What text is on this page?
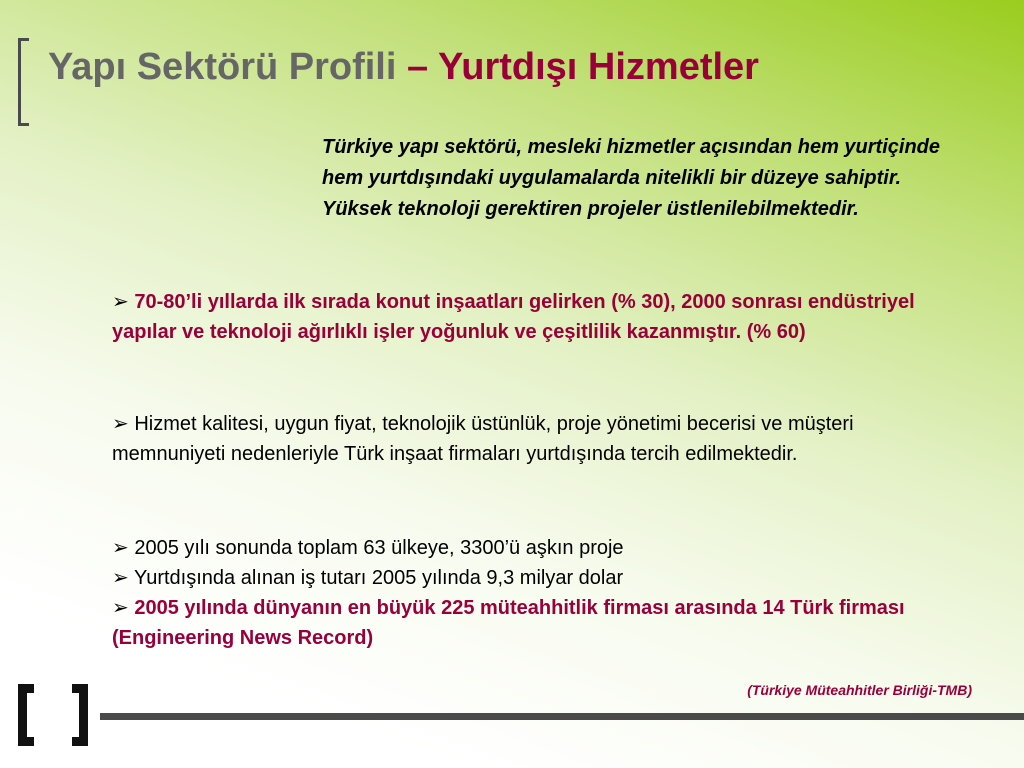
Yapı Sektörü Profili – Yurtdışı Hizmetler

Türkiye yapı sektörü, mesleki hizmetler açısından hem yurtiçinde hem yurtdışındaki uygulamalarda nitelikli bir düzeye sahiptir. Yüksek teknoloji gerektiren projeler üstlenilebilmektedir.

➢ 70-80’li yıllarda ilk sırada konut inşaatları gelirken (% 30), 2000 sonrası endüstriyel yapılar ve teknoloji ağırlıklı işler yoğunluk ve çeşitlilik kazanmıştır. (% 60)

➢ Hizmet kalitesi, uygun fiyat, teknolojik üstünlük, proje yönetimi becerisi ve müşteri memnuniyeti nedenleriyle Türk inşaat firmaları yurtdışında tercih edilmektedir.

➢ 2005 yılı sonunda toplam 63 ülkeye, 3300’ü aşkın proje

➢ Yurtdışında alınan iş tutarı 2005 yılında 9,3 milyar dolar

➢ 2005 yılında dünyanın en büyük 225 müteahhitlik firması arasında 14 Türk firması (Engineering News Record)

(Türkiye Müteahhitler Birliği-TMB)
